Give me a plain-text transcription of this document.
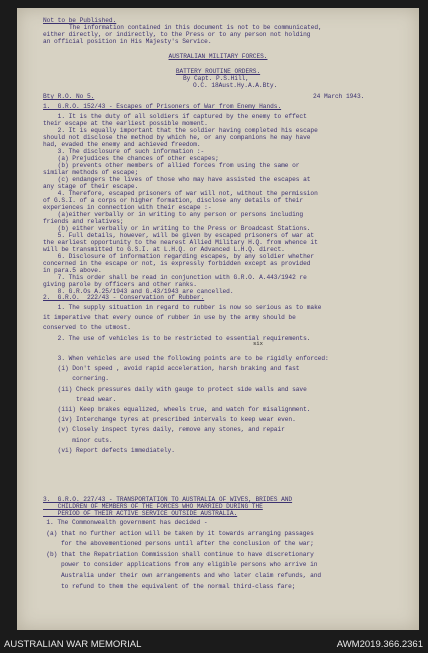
Not to be Published.
The information contained in this document is not to be communicated,
either directly, or indirectly, to the Press or to any person not holding
an official position in His Majesty's Service.
AUSTRALIAN MILITARY FORCES.
BATTERY ROUTINE ORDERS.
By Capt. P.S.Hill,
O.C. 18Aust.Hy.A.A.Bty.
Bty R.O. No 5.	24 March 1943.
1.  G.R.O. 152/43 - Escapes of Prisoners of War from Enemy Hands.
1. It is the duty of all soldiers if captured by the enemy to effect
their escape at the earliest possible moment.
2. It is equally important that the soldier having completed his escape
should not disclose the method by which he, or any companions he may have
had, evaded the enemy and achieved freedom.
3. The disclosure of such information :-
(a) Prejudices the chances of other escapes;
(b) prevents other members of allied forces from using the same or
similar methods of escape;
(c) endangers the lives of those who may have assisted the escapes at
any stage of their escape.
4. Therefore, escaped prisoners of war will not, without the permission
of G.S.I. of a corps or higher formation, disclose any details of their
experiences in connection with their escape :-
(a)either verbally or in writing to any person or persons including
friends and relatives;
(b) either verbally or in writing to the Press or Broadcast Stations.
5. Full details, however, will be given by escaped prisoners of war at
the earliest opportunity to the nearest Allied Military H.Q. from whence it
will be transmitted to G.S.I. at L.H.Q. or Advanced L.H.Q. direct.
6. Disclosure of information regarding escapes, by any soldier whether
concerned in the escape or not, is expressly forbidden except as provided
in para.5 above.
7. This order shall be read in conjunction with G.R.O. A.443/1942 re
giving parole by officers and other ranks.
8. G.R.Os A.25/1943 and G.43/1943 are cancelled.
2.  G.R.O.  222/43 - Conservation of Rubber.
1. The supply situation in regard to rubber is now so serious as to make
it imperative that every ounce of rubber in use by the army should be
conserved to the utmost.
2. The use of vehicles is to be restricted to essential requirements.
3. When vehicles are used the following points are to be rigidly enforced:
(i) Don't speed , avoid rapid acceleration, harsh braking and fast
cornering.
(ii) Check pressures daily with gauge to protect side walls and save
tread wear.
(iii) Keep brakes equalized, wheels true, and watch for misalignment.
(iv) Interchange tyres at prescribed intervals to keep wear even.
(v) Closely inspect tyres daily, remove any stones, and repair
minor cuts.
(vi) Report defects immediately.
six
3.  G.R.O. 227/43 - TRANSPORTATION TO AUSTRALIA OF WIVES, BRIDES AND
CHILDREN OF MEMBERS OF THE FORCES WHO MARRIED DURING THE
PERIOD OF THEIR ACTIVE SERVICE OUTSIDE AUSTRALIA.
1. The Commonwealth government has decided -
(a) that no further action will be taken by it towards arranging passages
for the abovementioned persons until after the conclusion of the war;
(b) that the Repatriation Commission shall continue to have discretionary
power to consider applications from any eligible persons who arrive in
Australia under their own arrangements and who later claim refunds, and
to refund to them the equivalent of the normal third-class fare;
AUSTRALIAN WAR MEMORIAL	AWM2019.366.2361
